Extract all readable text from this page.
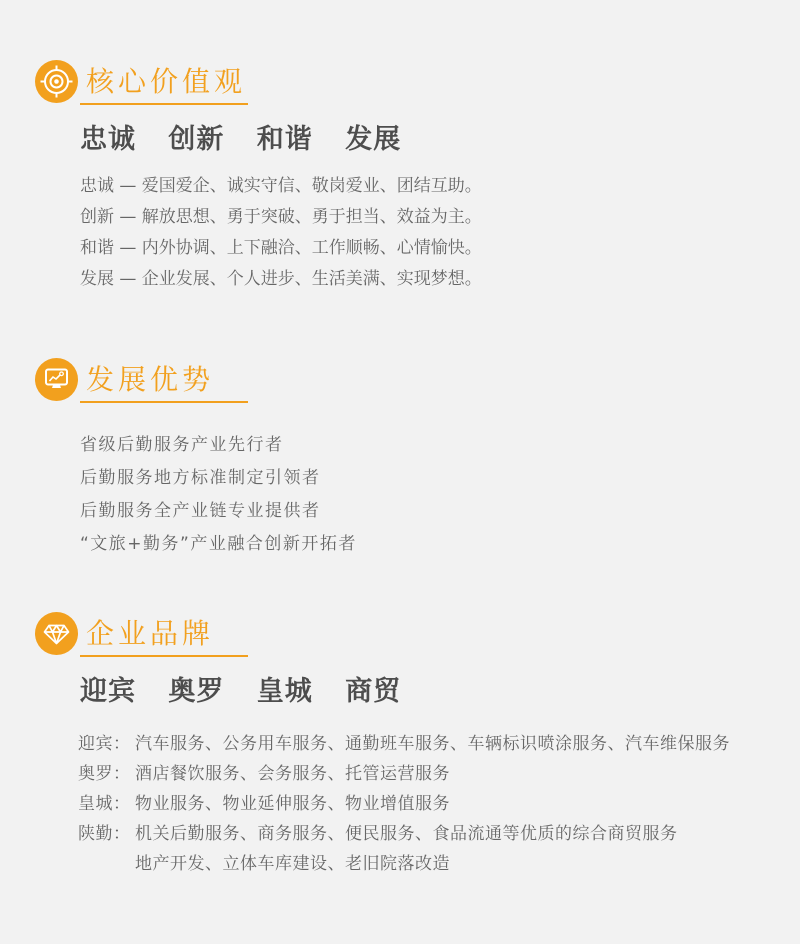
核心价值观
忠诚 创新 和谐 发展

忠诚 — 爱国爱企、诚实守信、敬岗爱业、团结互助。

创新 — 解放思想、勇于突破、勇于担当、效益为主。

和谐 — 内外协调、上下融洽、工作顺畅、心情愉快。

发展 — 企业发展、个人进步、生活美满、实现梦想。

发展优势

省级后勤服务产业先行者

后勤服务地方标准制定引领者

后勤服务全产业链专业提供者

“文旅+勤务”产业融合创新开拓者

企业品牌
迎宾 奥罗 皇城 商贸
迎宾： 汽车服务、公务用车服务、通勤班车服务、车辆标识喷涂服务、汽车维保服务
奥罗： 酒店餐饮服务、会务服务、托管运营服务
皇城： 物业服务、物业延伸服务、物业增值服务
陕勤： 机关后勤服务、商务服务、便民服务、食品流通等优质的综合商贸服务
地产开发、立体车库建设、老旧院落改造
